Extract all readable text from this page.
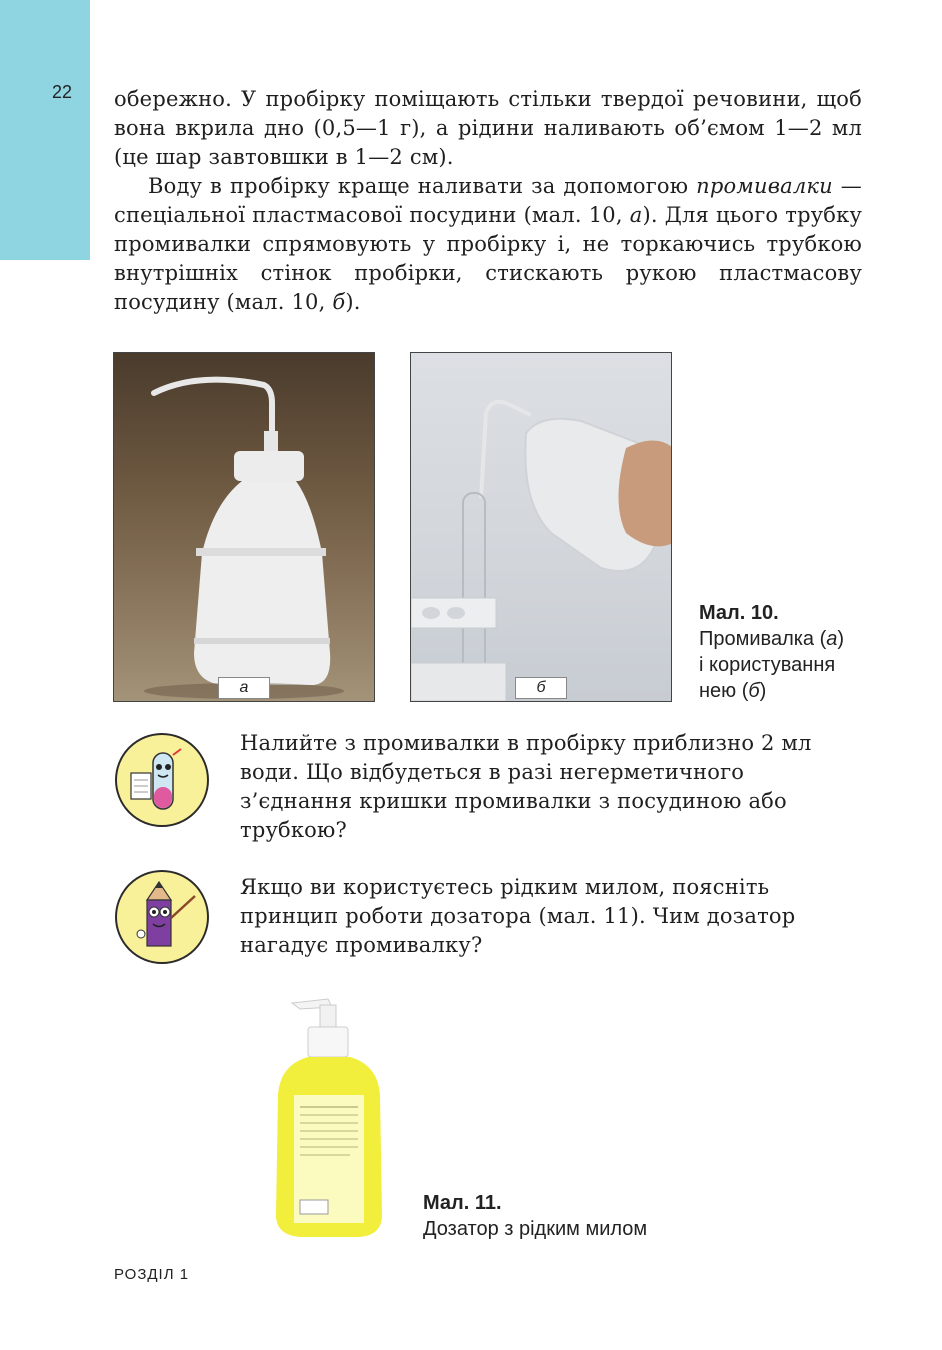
22 обережно. У пробірку поміщають стільки твердої речовини, щоб вона вкрила дно (0,5—1 г), а рідини наливають об’ємом 1—2 мл (це шар завтовшки в 1—2 см).

Воду в пробірку краще наливати за допомогою промивалки — спеціальної пластмасової посудини (мал. 10, а). Для цього трубку промивалки спрямовують у пробірку і, не торкаючись трубкою внутрішніх стінок пробірки, стискають рукою пластмасову посудину (мал. 10, б).

а	б
Мал. 10.
Промивалка (а)
і користування
нею (б)
Налийте з промивалки в пробірку приблизно 2 мл води. Що відбудеться в разі негерметичного з’єднання кришки промивалки з посудиною або трубкою?
Якщо ви користуєтесь рідким милом, поясніть принцип роботи дозатора (мал. 11). Чим дозатор нагадує промивалку?
Мал. 11.
Дозатор з рідким милом
РОЗДІЛ 1
